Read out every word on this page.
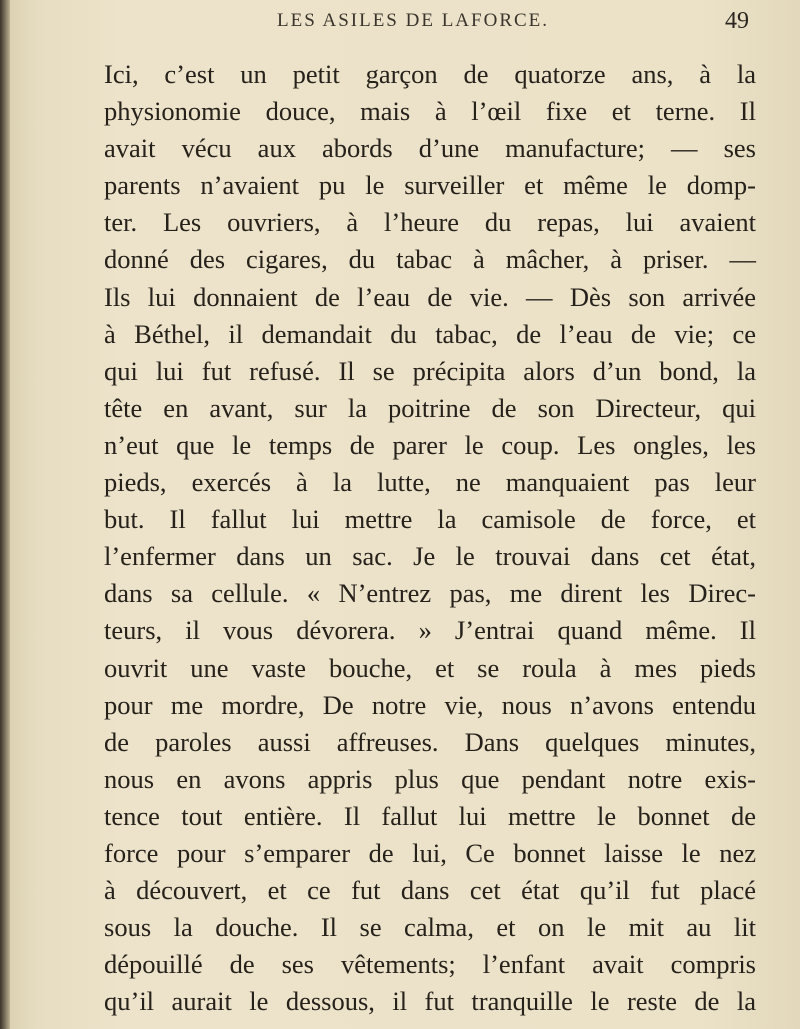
LES ASILES DE LAFORCE.	49
Ici, c’est un petit garçon de quatorze ans, à la
physionomie douce, mais à l’œil fixe et terne. Il
avait vécu aux abords d’une manufacture; — ses
parents n’avaient pu le surveiller et même le domp-
ter. Les ouvriers, à l’heure du repas, lui avaient
donné des cigares, du tabac à mâcher, à priser. —
Ils lui donnaient de l’eau de vie. — Dès son arrivée
à Béthel, il demandait du tabac, de l’eau de vie; ce
qui lui fut refusé. Il se précipita alors d’un bond, la
tête en avant, sur la poitrine de son Directeur, qui
n’eut que le temps de parer le coup. Les ongles, les
pieds, exercés à la lutte, ne manquaient pas leur
but. Il fallut lui mettre la camisole de force, et
l’enfermer dans un sac. Je le trouvai dans cet état,
dans sa cellule. « N’entrez pas, me dirent les Direc-
teurs, il vous dévorera. » J’entrai quand même. Il
ouvrit une vaste bouche, et se roula à mes pieds
pour me mordre, De notre vie, nous n’avons entendu
de paroles aussi affreuses. Dans quelques minutes,
nous en avons appris plus que pendant notre exis-
tence tout entière. Il fallut lui mettre le bonnet de
force pour s’emparer de lui, Ce bonnet laisse le nez
à découvert, et ce fut dans cet état qu’il fut placé
sous la douche. Il se calma, et on le mit au lit
dépouillé de ses vêtements; l’enfant avait compris
qu’il aurait le dessous, il fut tranquille le reste de la
